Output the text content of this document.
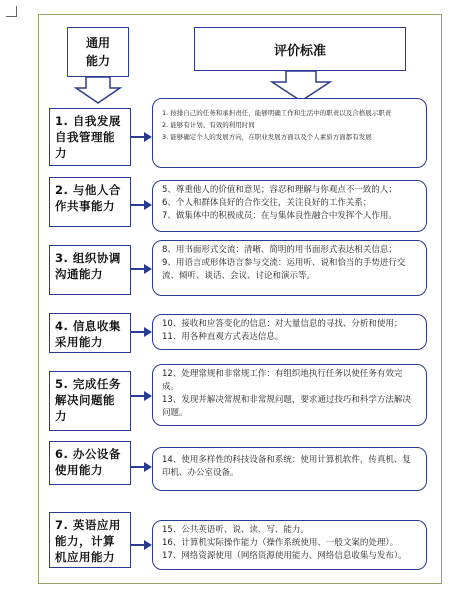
通用能力
评价标准
1. 自我发展自我管理能力
1. 按排自己的任务和承担责任，能够明确工作和生活中的职责以及合格展示职责
2. 能够有计划、有效的利用时间
3. 能够确定个人的发展方向，在职业发展方面以及个人素质方面都有发展
2. 与他人合作共事能力
5、尊重他人的价值和意见；容忍和理解与你观点不一致的人；
6、个人和群体良好的合作交往，关注良好的工作关系；
7、做集体中的积极成员：在与集体良性融合中发挥个人作用。
3. 组织协调沟通能力
8、用书面形式交流：清晰、简明的用书面形式表达相关信息；
9、用语言或形体语言参与交流：运用听、说和恰当的手势进行交流、倾听、谈话、会议、讨论和演示等。
4. 信息收集采用能力
10、接收和应答变化的信息：对大量信息的寻找、分析和使用；
11、用各种直观方式表达信息。
5. 完成任务解决问题能力
12、处理常规和非常规工作：有组织地执行任务以使任务有效完成。
13、发现并解决常规和非常规问题，要求通过技巧和科学方法解决问题。
6. 办公设备使用能力
14、使用多样性的科技设备和系统：使用计算机软件，传真机、复印机、办公室设备。
7. 英语应用能力，计算机应用能力
15、公共英语听、说、读、写、能力。
16、计算机实际操作能力（操作系统使用、一般文案的处理）。
17、网络资源使用（网络资源使用能力、网络信息收集与发布）。
